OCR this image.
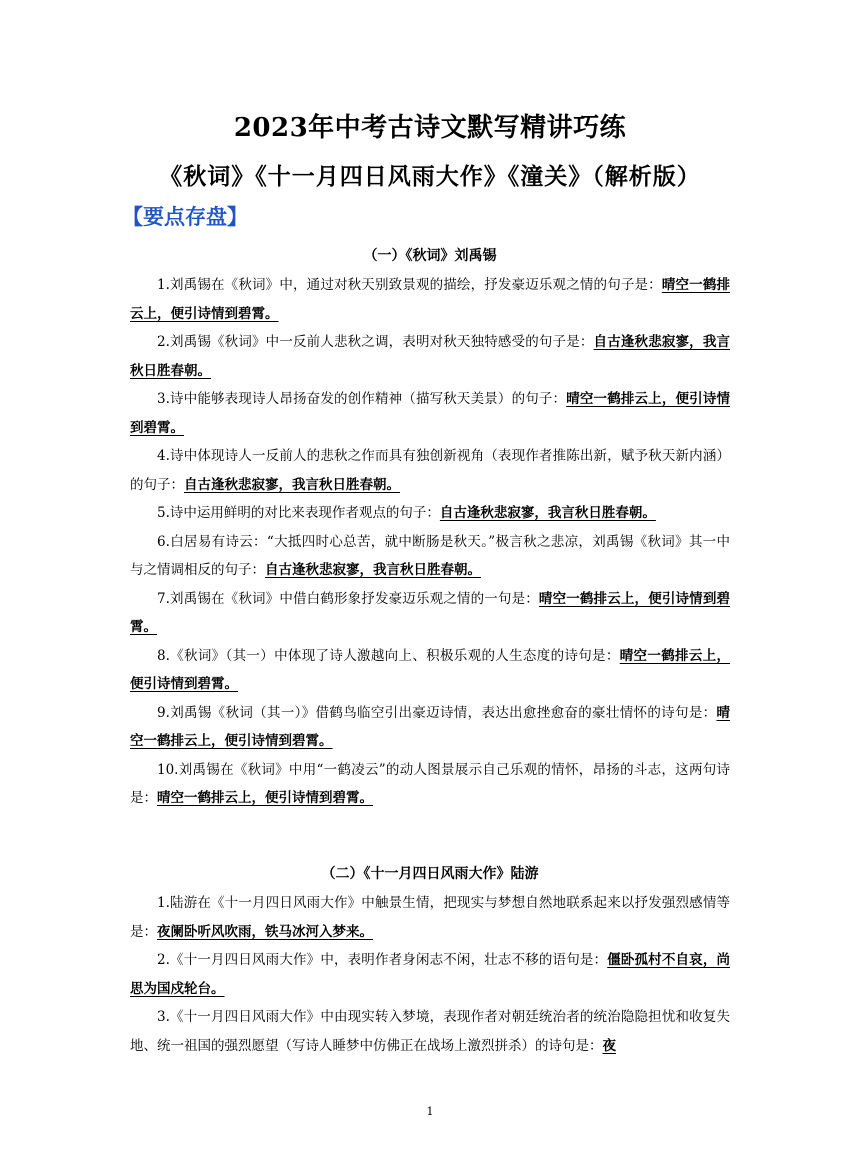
2023年中考古诗文默写精讲巧练
《秋词》《十一月四日风雨大作》《潼关》（解析版）
【要点存盘】
（一）《秋词》刘禹锡

1.刘禹锡在《秋词》中，通过对秋天别致景观的描绘，抒发豪迈乐观之情的句子是：晴空一鹤排云上，便引诗情到碧霄。

2.刘禹锡《秋词》中一反前人悲秋之调，表明对秋天独特感受的句子是：自古逢秋悲寂寥，我言秋日胜春朝。

3.诗中能够表现诗人昂扬奋发的创作精神（描写秋天美景）的句子：晴空一鹤排云上，便引诗情到碧霄。

4.诗中体现诗人一反前人的悲秋之作而具有独创新视角（表现作者推陈出新，赋予秋天新内涵）的句子：自古逢秋悲寂寥，我言秋日胜春朝。

5.诗中运用鲜明的对比来表现作者观点的句子：自古逢秋悲寂寥，我言秋日胜春朝。

6.白居易有诗云：“大抵四时心总苦，就中断肠是秋天。”极言秋之悲凉，刘禹锡《秋词》其一中与之情调相反的句子：自古逢秋悲寂寥，我言秋日胜春朝。

7.刘禹锡在《秋词》中借白鹤形象抒发豪迈乐观之情的一句是：晴空一鹤排云上，便引诗情到碧霄。

8.《秋词》（其一）中体现了诗人激越向上、积极乐观的人生态度的诗句是：晴空一鹤排云上，便引诗情到碧霄。

9.刘禹锡《秋词（其一）》借鹤鸟临空引出豪迈诗情，表达出愈挫愈奋的豪壮情怀的诗句是：晴空一鹤排云上，便引诗情到碧霄。

10.刘禹锡在《秋词》中用“一鹤凌云”的动人图景展示自己乐观的情怀，昂扬的斗志，这两句诗是：晴空一鹤排云上，便引诗情到碧霄。

（二）《十一月四日风雨大作》陆游

1.陆游在《十一月四日风雨大作》中触景生情，把现实与梦想自然地联系起来以抒发强烈感情等是：夜阑卧听风吹雨，铁马冰河入梦来。

2.《十一月四日风雨大作》中，表明作者身闲志不闲，壮志不移的语句是：僵卧孤村不自哀，尚思为国戍轮台。

3.《十一月四日风雨大作》中由现实转入梦境，表现作者对朝廷统治者的统治隐隐担忧和收复失地、统一祖国的强烈愿望（写诗人睡梦中仿佛正在战场上激烈拼杀）的诗句是：夜

1
